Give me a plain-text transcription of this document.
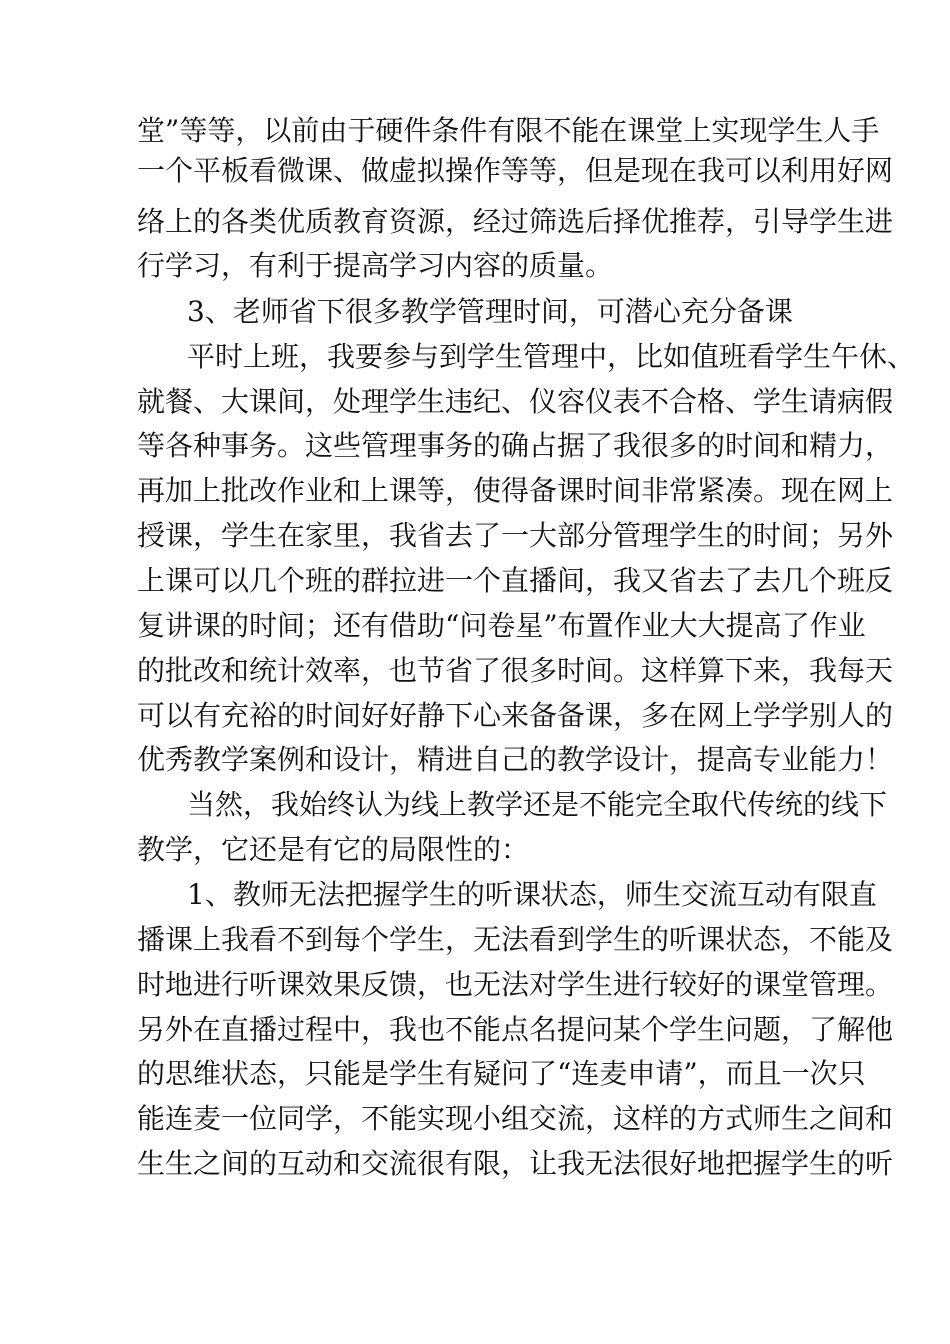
堂”等等，以前由于硬件条件有限不能在课堂上实现学生人手

一个平板看微课、做虚拟操作等等，但是现在我可以利用好网

络上的各类优质教育资源，经过筛选后择优推荐，引导学生进

行学习，有利于提高学习内容的质量。

3、老师省下很多教学管理时间，可潜心充分备课

平时上班，我要参与到学生管理中，比如值班看学生午休、

就餐、大课间，处理学生违纪、仪容仪表不合格、学生请病假

等各种事务。这些管理事务的确占据了我很多的时间和精力，

再加上批改作业和上课等，使得备课时间非常紧凑。现在网上

授课，学生在家里，我省去了一大部分管理学生的时间；另外

上课可以几个班的群拉进一个直播间，我又省去了去几个班反

复讲课的时间；还有借助“问卷星”布置作业大大提高了作业

的批改和统计效率，也节省了很多时间。这样算下来，我每天

可以有充裕的时间好好静下心来备备课，多在网上学学别人的

优秀教学案例和设计，精进自己的教学设计，提高专业能力！

当然，我始终认为线上教学还是不能完全取代传统的线下

教学，它还是有它的局限性的：

1、教师无法把握学生的听课状态，师生交流互动有限直

播课上我看不到每个学生，无法看到学生的听课状态，不能及

时地进行听课效果反馈，也无法对学生进行较好的课堂管理。

另外在直播过程中，我也不能点名提问某个学生问题，了解他

的思维状态，只能是学生有疑问了“连麦申请”，而且一次只

能连麦一位同学，不能实现小组交流，这样的方式师生之间和

生生之间的互动和交流很有限，让我无法很好地把握学生的听
